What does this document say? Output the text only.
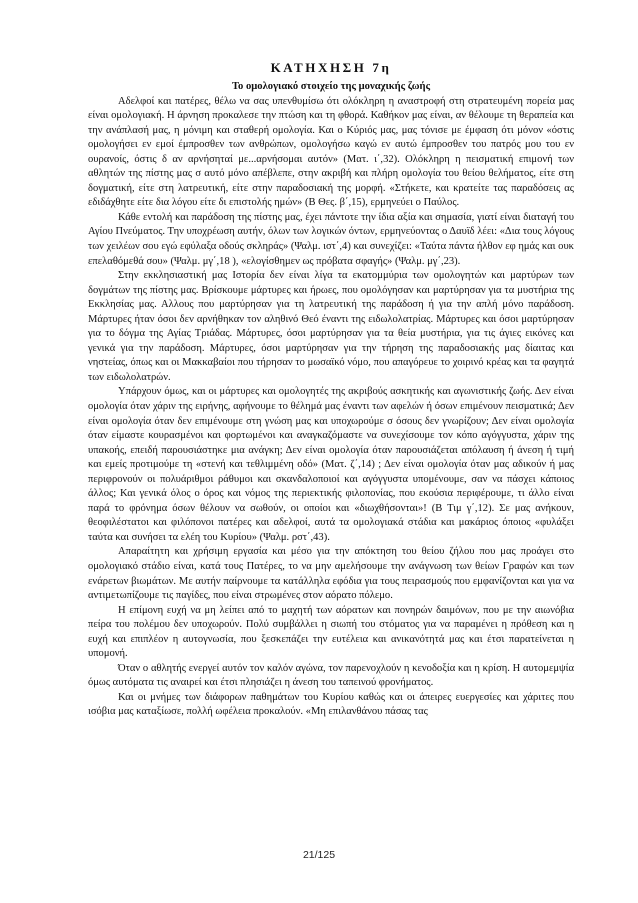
ΚΑΤΗΧΗΣΗ 7η
Το ομολογιακό στοιχείο της μοναχικής ζωής

Αδελφοί και πατέρες, θέλω να σας υπενθυμίσω ότι ολόκληρη η αναστροφή στη στρατευμένη πορεία μας είναι ομολογιακή. Η άρνηση προκαλεσε την πτώση και τη φθορά. Καθήκον μας είναι, αν θέλουμε τη θεραπεία και την ανάπλασή μας, η μόνιμη και σταθερή ομολογία. Και ο Κύριός μας, μας τόνισε με έμφαση ότι μόνον «όστις ομολογήσει εν εμοί έμπροσθεν των ανθρώπων, ομολογήσω καγώ εν αυτώ έμπροσθεν του πατρός μου του εν ουρανοίς, όστις δ αν αρνήσηταί με...αρνήσομαι αυτόν» (Ματ. ι΄,32). Ολόκληρη η πεισματική επιμονή των αθλητών της πίστης μας σ αυτό μόνο απέβλεπε, στην ακριβή και πλήρη ομολογία του θείου θελήματος, είτε στη δογματική, είτε στη λατρευτική, είτε στην παραδοσιακή της μορφή. «Στήκετε, και κρατείτε τας παραδόσεις ας εδιδάχθητε είτε δια λόγου είτε δι επιστολής ημών» (Β Θες. β΄,15), ερμηνεύει ο Παύλος.

Κάθε εντολή και παράδοση της πίστης μας, έχει πάντοτε την ίδια αξία και σημασία, γιατί είναι διαταγή του Αγίου Πνεύματος. Την υποχρέωση αυτήν, όλων των λογικών όντων, ερμηνεύοντας ο Δαυϊδ λέει: «Δια τους λόγους των χειλέων σου εγώ εφύλαξα οδούς σκληράς» (Ψαλμ. ιστ΄,4) και συνεχίζει: «Ταύτα πάντα ήλθον εφ ημάς και ουκ επελαθόμεθά σου» (Ψαλμ. μγ΄,18 ), «ελογίσθημεν ως πρόβατα σφαγής» (Ψαλμ. μγ΄,23).

Στην εκκλησιαστική μας Ιστορία δεν είναι λίγα τα εκατομμύρια των ομολογητών και μαρτύρων των δογμάτων της πίστης μας. Βρίσκουμε μάρτυρες και ήρωες, που ομολόγησαν και μαρτύρησαν για τα μυστήρια της Εκκλησίας μας. Αλλους που μαρτύρησαν για τη λατρευτική της παράδοση ή για την απλή μόνο παράδοση. Μάρτυρες ήταν όσοι δεν αρνήθηκαν τον αληθινό Θεό έναντι της ειδωλολατρίας. Μάρτυρες και όσοι μαρτύρησαν για το δόγμα της Αγίας Τριάδας. Μάρτυρες, όσοι μαρτύρησαν για τα θεία μυστήρια, για τις άγιες εικόνες και γενικά για την παράδοση. Μάρτυρες, όσοι μαρτύρησαν για την τήρηση της παραδοσιακής μας δίαιτας και νηστείας, όπως και οι Μακκαβαίοι που τήρησαν το μωσαϊκό νόμο, που απαγόρευε το χοιρινό κρέας και τα φαγητά των ειδωλολατρών.

Υπάρχουν όμως, και οι μάρτυρες και ομολογητές της ακριβούς ασκητικής και αγωνιστικής ζωής. Δεν είναι ομολογία όταν χάριν της ειρήνης, αφήνουμε το θέλημά μας έναντι των αφελών ή όσων επιμένουν πεισματικά; Δεν είναι ομολογία όταν δεν επιμένουμε στη γνώση μας και υποχωρούμε σ όσους δεν γνωρίζουν; Δεν είναι ομολογία όταν είμαστε κουρασμένοι και φορτωμένοι και αναγκαζόμαστε να συνεχίσουμε τον κόπο αγόγγυστα, χάριν της υπακοής, επειδή παρουσιάστηκε μια ανάγκη; Δεν είναι ομολογία όταν παρουσιάζεται απόλαυση ή άνεση ή τιμή και εμείς προτιμούμε τη «στενή και τεθλιμμένη οδό» (Ματ. ζ΄,14) ; Δεν είναι ομολογία όταν μας αδικούν ή μας περιφρονούν οι πολυάριθμοι ράθυμοι και σκανδαλοποιοί και αγόγγυστα υπομένουμε, σαν να πάσχει κάποιος άλλος; Και γενικά όλος ο όρος και νόμος της περιεκτικής φιλοπονίας, που εκούσια περιφέρουμε, τι άλλο είναι παρά το φρόνημα όσων θέλουν να σωθούν, οι οποίοι και «διωχθήσονται»! (Β Τιμ γ΄,12). Σε μας ανήκουν, θεοφιλέστατοι και φιλόπονοι πατέρες και αδελφοί, αυτά τα ομολογιακά στάδια και μακάριος όποιος «φυλάξει ταύτα και συνήσει τα ελέη του Κυρίου» (Ψαλμ. ρστ΄,43).

Απαραίτητη και χρήσιμη εργασία και μέσο για την απόκτηση του θείου ζήλου που μας προάγει στο ομολογιακό στάδιο είναι, κατά τους Πατέρες, το να μην αμελήσουμε την ανάγνωση των θείων Γραφών και των ενάρετων βιωμάτων. Με αυτήν παίρνουμε τα κατάλληλα εφόδια για τους πειρασμούς που εμφανίζονται και για να αντιμετωπίζουμε τις παγίδες, που είναι στρωμένες στον αόρατο πόλεμο.

Η επίμονη ευχή να μη λείπει από το μαχητή των αόρατων και πονηρών δαιμόνων, που με την αιωνόβια πείρα του πολέμου δεν υποχωρούν. Πολύ συμβάλλει η σιωπή του στόματος για να παραμένει η πρόθεση και η ευχή και επιπλέον η αυτογνωσία, που ξεσκεπάζει την ευτέλεια και ανικανότητά μας και έτσι παρατείνεται η υπομονή.

Όταν ο αθλητής ενεργεί αυτόν τον καλόν αγώνα, τον παρενοχλούν η κενοδοξία και η κρίση. Η αυτομεμψία όμως αυτόματα τις αναιρεί και έτσι πλησιάζει η άνεση του ταπεινού φρονήματος.

Και οι μνήμες των διάφορων παθημάτων του Κυρίου καθώς και οι άπειρες ευεργεσίες και χάριτες που ισόβια μας καταξίωσε, πολλή ωφέλεια προκαλούν. «Μη επιλανθάνου πάσας τας

21/125
